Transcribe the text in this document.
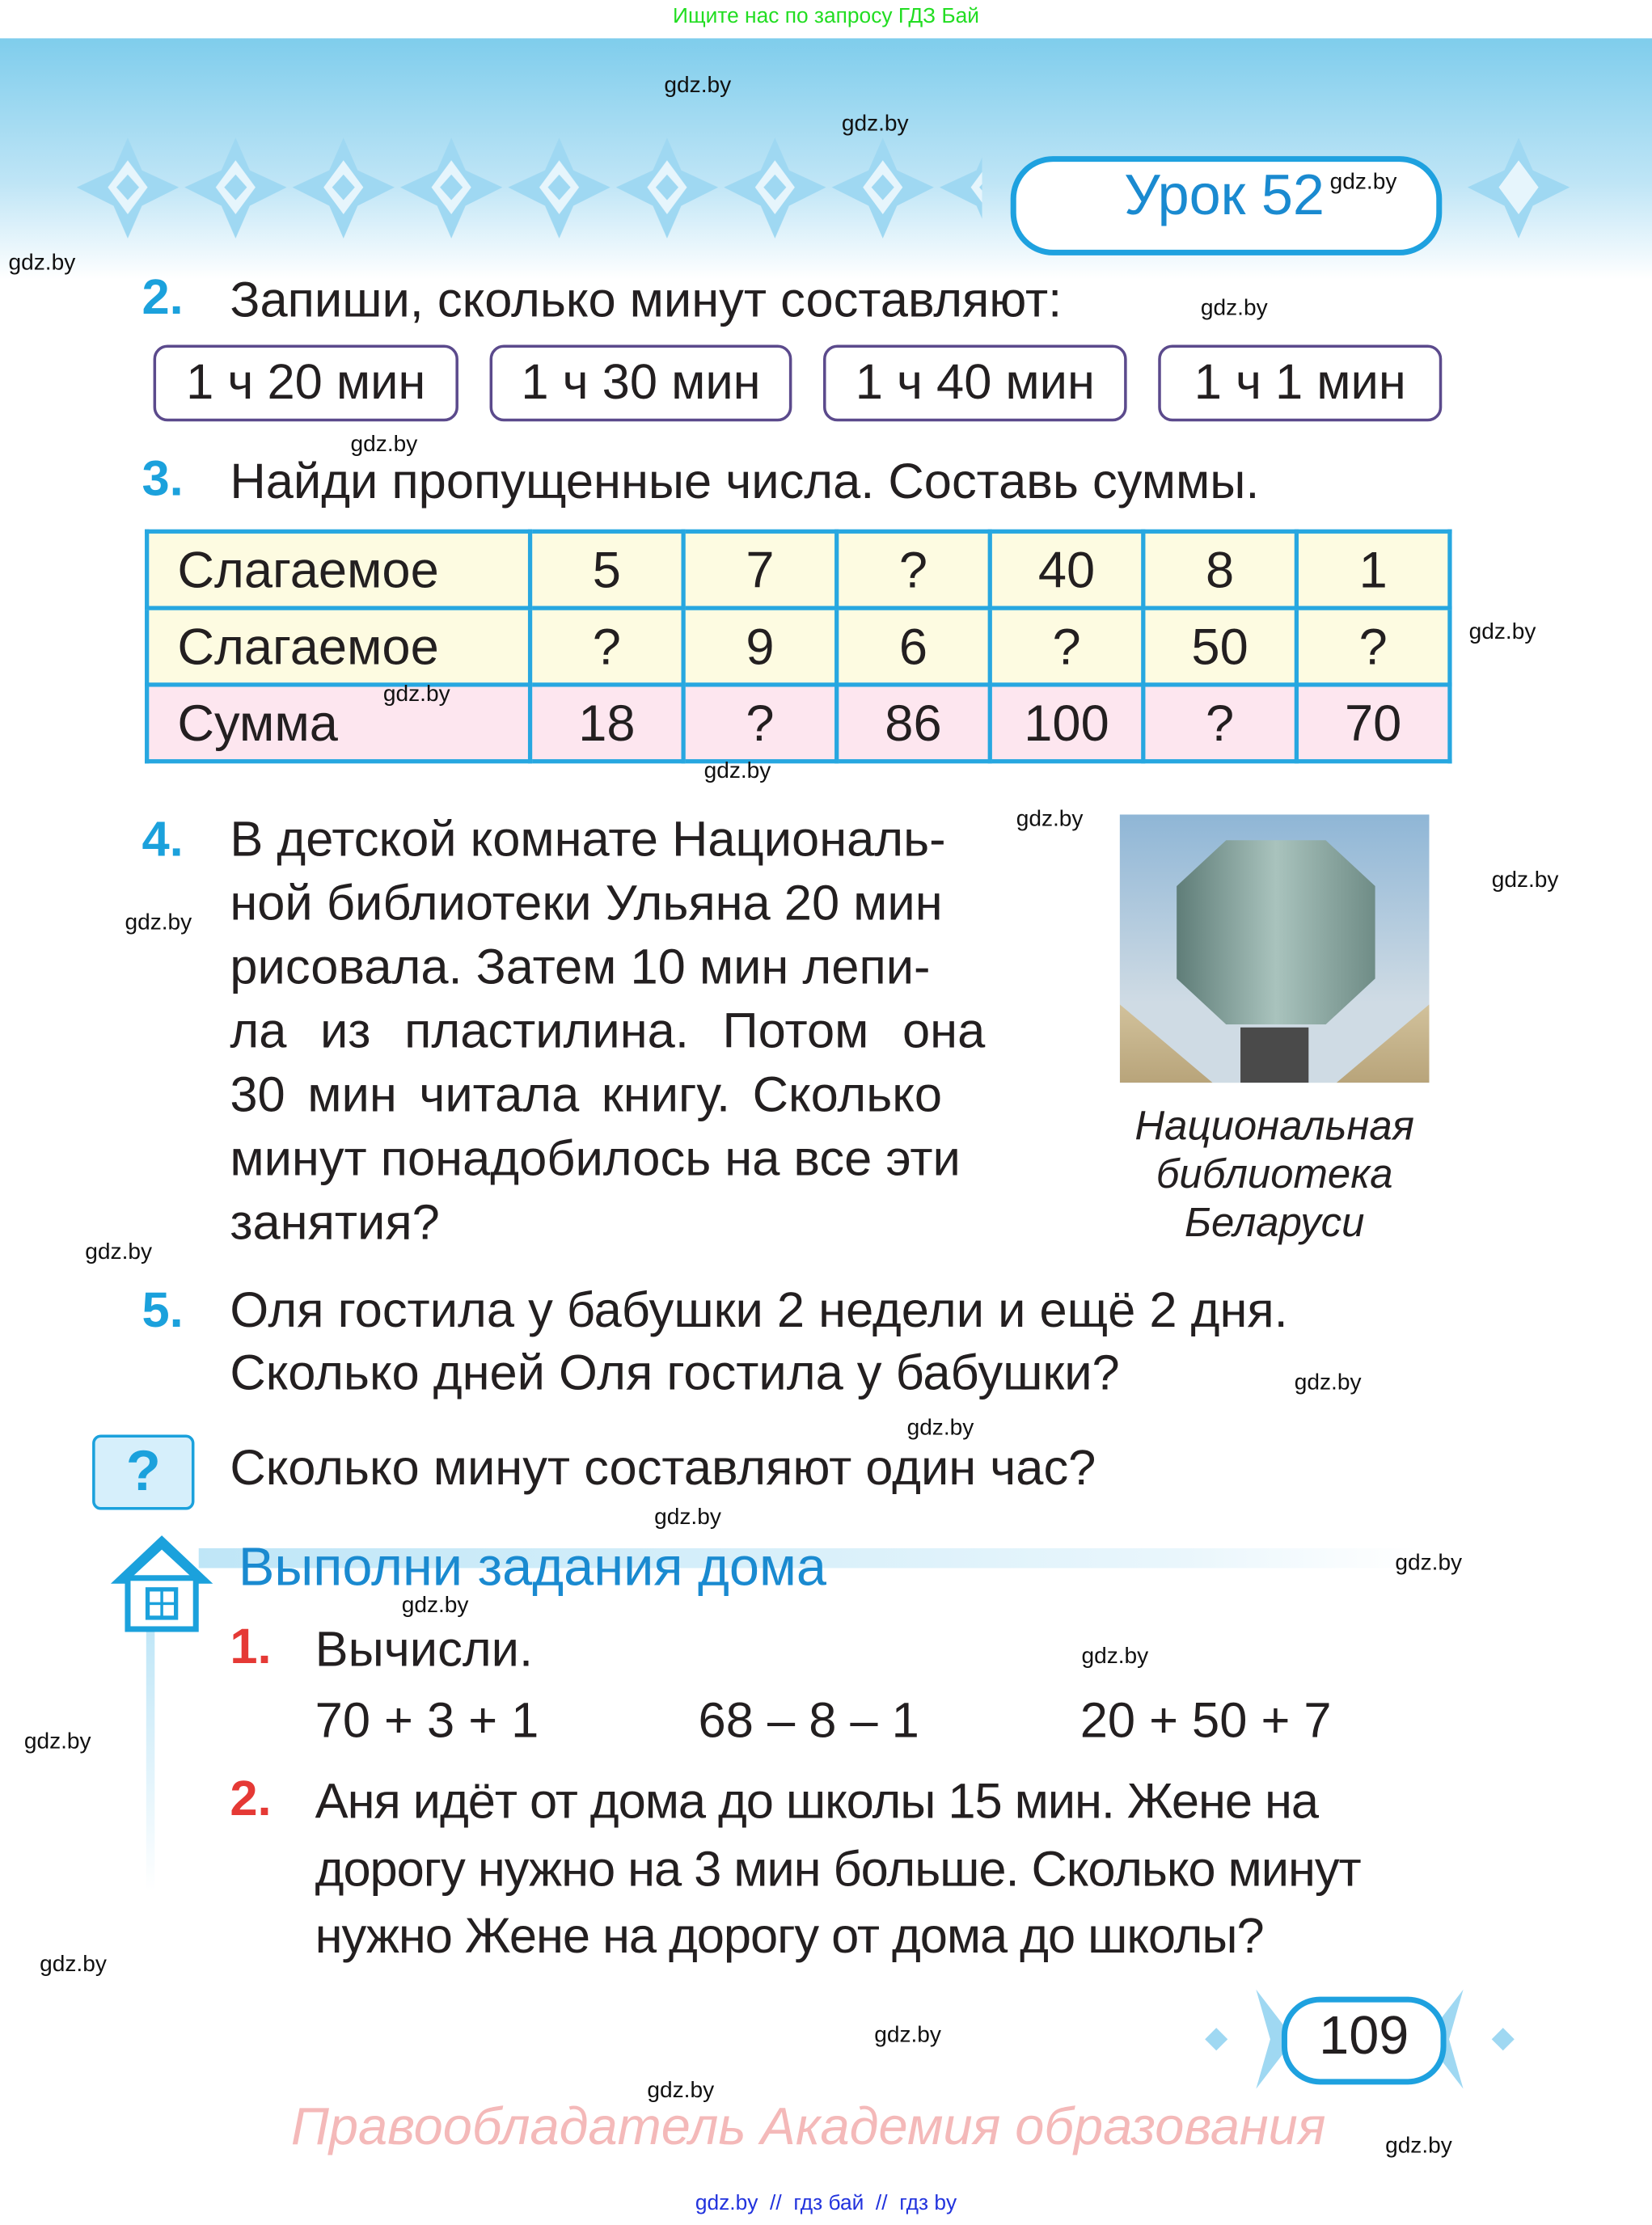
Ищите нас по запросу ГДЗ Бай
Урок 52
2. Запиши, сколько минут составляют:
1 ч 20 мин	1 ч 30 мин	1 ч 40 мин	1 ч 1 мин
3. Найди пропущенные числа. Составь суммы.
Слагаемое	5	7	?	40	8	1
Слагаемое	?	9	6	?	50	?
Сумма	18	?	86	100	?	70
4. В детской комнате Националь-
ной библиотеки Ульяна 20 мин
рисовала. Затем 10 мин лепи-
ла из пластилина. Потом она
30 мин читала книгу. Сколько
минут понадобилось на все эти
занятия?
Национальная
библиотека
Беларуси
5. Оля гостила у бабушки 2 недели и ещё 2 дня.
Сколько дней Оля гостила у бабушки?
?	Сколько минут составляют один час?
Выполни задания дома
1. Вычисли.
70 + 3 + 1	68 – 8 – 1	20 + 50 + 7
2. Аня идёт от дома до школы 15 мин. Жене на
дорогу нужно на 3 мин больше. Сколько минут
нужно Жене на дорогу от дома до школы?
109
Правообладатель Академия образования
gdz.by  //  гдз бай  //  гдз by
gdz.by
gdz.by
gdz.by
gdz.by
gdz.by
gdz.by
gdz.by
gdz.by
gdz.by
gdz.by
gdz.by
gdz.by
gdz.by
gdz.by
gdz.by
gdz.by
gdz.by
gdz.by
gdz.by
gdz.by
gdz.by
gdz.by
gdz.by
gdz.by
